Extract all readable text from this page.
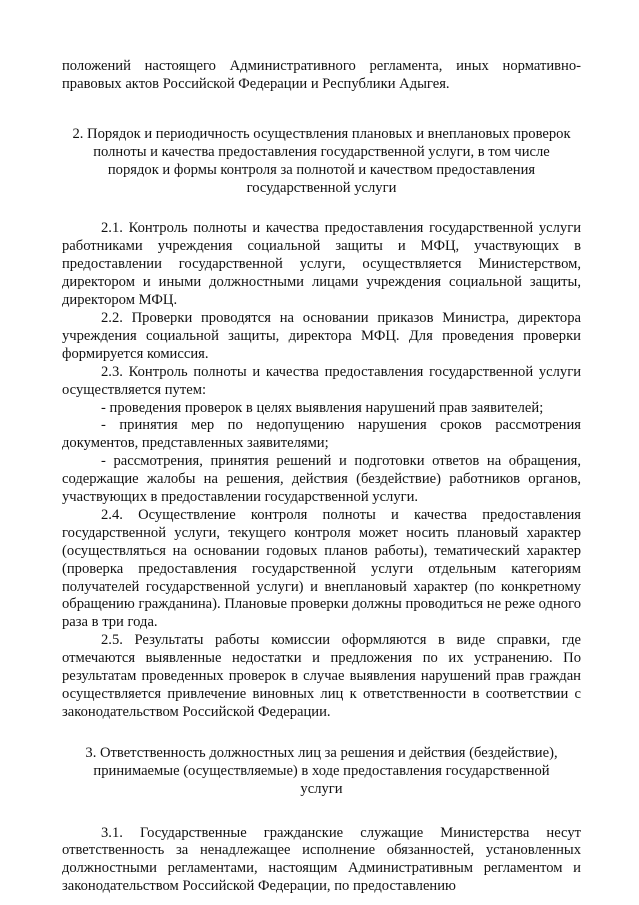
положений настоящего Административного регламента, иных нормативно-правовых актов Российской Федерации и Республики Адыгея.

2. Порядок и периодичность осуществления плановых и внеплановых проверок полноты и качества предоставления государственной услуги, в том числе порядок и формы контроля за полнотой и качеством предоставления государственной услуги

2.1. Контроль полноты и качества предоставления государственной услуги работниками учреждения социальной защиты и МФЦ, участвующих в предоставлении государственной услуги, осуществляется Министерством, директором и иными должностными лицами учреждения социальной защиты, директором МФЦ.

2.2. Проверки проводятся на основании приказов Министра, директора учреждения социальной защиты, директора МФЦ. Для проведения проверки формируется комиссия.

2.3. Контроль полноты и качества предоставления государственной услуги осуществляется путем:

- проведения проверок в целях выявления нарушений прав заявителей;

- принятия мер по недопущению нарушения сроков рассмотрения документов, представленных заявителями;

- рассмотрения, принятия решений и подготовки ответов на обращения, содержащие жалобы на решения, действия (бездействие) работников органов, участвующих в предоставлении государственной услуги.

2.4. Осуществление контроля полноты и качества предоставления государственной услуги, текущего контроля может носить плановый характер (осуществляться на основании годовых планов работы), тематический характер (проверка предоставления государственной услуги отдельным категориям получателей государственной услуги) и внеплановый характер (по конкретному обращению гражданина). Плановые проверки должны проводиться не реже одного раза в три года.

2.5. Результаты работы комиссии оформляются в виде справки, где отмечаются выявленные недостатки и предложения по их устранению. По результатам проведенных проверок в случае выявления нарушений прав граждан осуществляется привлечение виновных лиц к ответственности в соответствии с законодательством Российской Федерации.

3. Ответственность должностных лиц за решения и действия (бездействие), принимаемые (осуществляемые) в ходе предоставления государственной услуги

3.1. Государственные гражданские служащие Министерства несут ответственность за ненадлежащее исполнение обязанностей, установленных должностными регламентами, настоящим Административным регламентом и законодательством Российской Федерации, по предоставлению
